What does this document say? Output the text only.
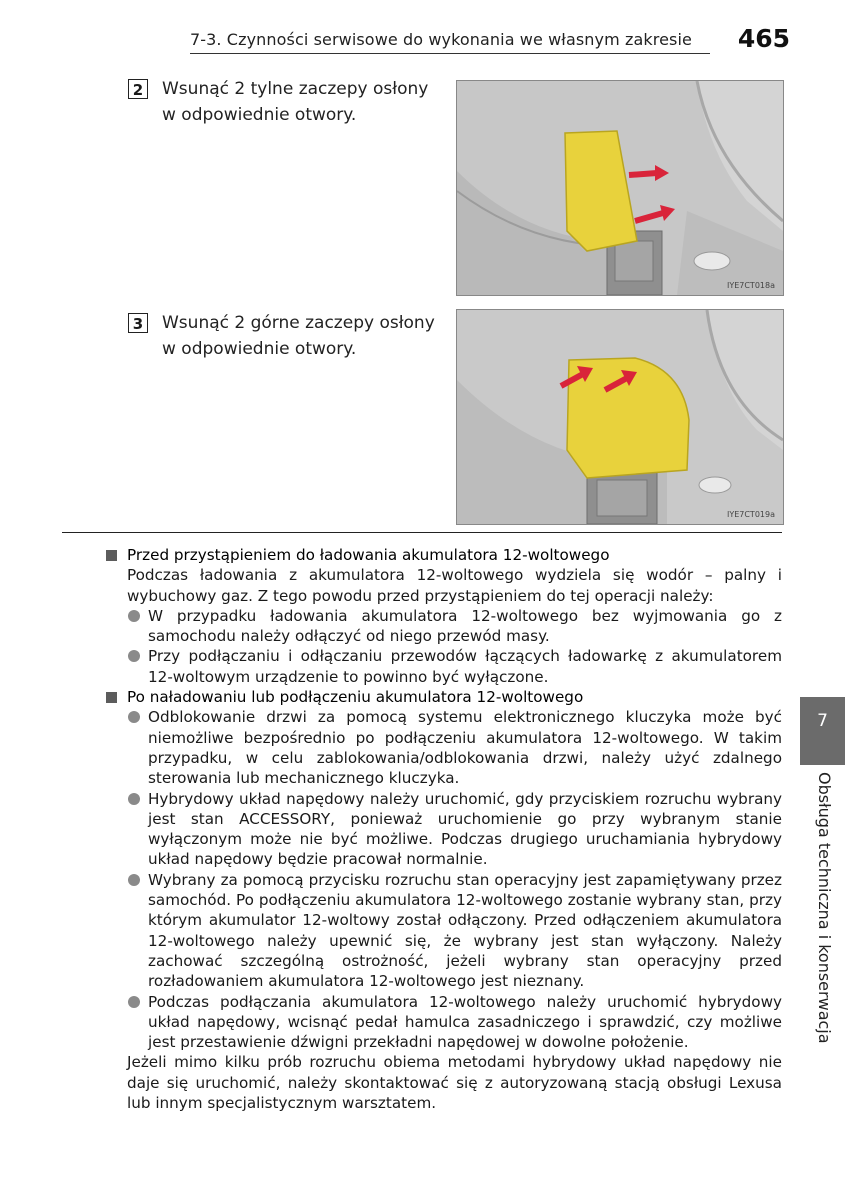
7-3. Czynności serwisowe do wykonania we własnym zakresie 465
2 Wsunąć 2 tylne zaczepy osłony
w odpowiednie otwory.
IYE7CT018a
3 Wsunąć 2 górne zaczepy osłony
w odpowiednie otwory.
IYE7CT019a
Przed przystąpieniem do ładowania akumulatora 12-woltowego
Podczas ładowania z akumulatora 12-woltowego wydziela się wodór – palny i wybuchowy gaz. Z tego powodu przed przystąpieniem do tej operacji należy:
W przypadku ładowania akumulatora 12-woltowego bez wyjmowania go z samochodu należy odłączyć od niego przewód masy.
Przy podłączaniu i odłączaniu przewodów łączących ładowarkę z akumulatorem 12-woltowym urządzenie to powinno być wyłączone.
Po naładowaniu lub podłączeniu akumulatora 12-woltowego
Odblokowanie drzwi za pomocą systemu elektronicznego kluczyka może być niemożliwe bezpośrednio po podłączeniu akumulatora 12-woltowego. W takim przypadku, w celu zablokowania/odblokowania drzwi, należy użyć zdalnego sterowania lub mechanicznego kluczyka.
Hybrydowy układ napędowy należy uruchomić, gdy przyciskiem rozruchu wybrany jest stan ACCESSORY, ponieważ uruchomienie go przy wybranym stanie wyłączonym może nie być możliwe. Podczas drugiego uruchamiania hybrydowy układ napędowy będzie pracował normalnie.
Wybrany za pomocą przycisku rozruchu stan operacyjny jest zapamiętywany przez samochód. Po podłączeniu akumulatora 12-woltowego zostanie wybrany stan, przy którym akumulator 12-woltowy został odłączony. Przed odłączeniem akumulatora 12-woltowego należy upewnić się, że wybrany jest stan wyłączony. Należy zachować szczególną ostrożność, jeżeli wybrany stan operacyjny przed rozładowaniem akumulatora 12-woltowego jest nieznany.
Podczas podłączania akumulatora 12-woltowego należy uruchomić hybrydowy układ napędowy, wcisnąć pedał hamulca zasadniczego i sprawdzić, czy możliwe jest przestawienie dźwigni przekładni napędowej w dowolne położenie.
Jeżeli mimo kilku prób rozruchu obiema metodami hybrydowy układ napędowy nie daje się uruchomić, należy skontaktować się z autoryzowaną stacją obsługi Lexusa lub innym specjalistycznym warsztatem.
7
Obsługa techniczna i konserwacja
